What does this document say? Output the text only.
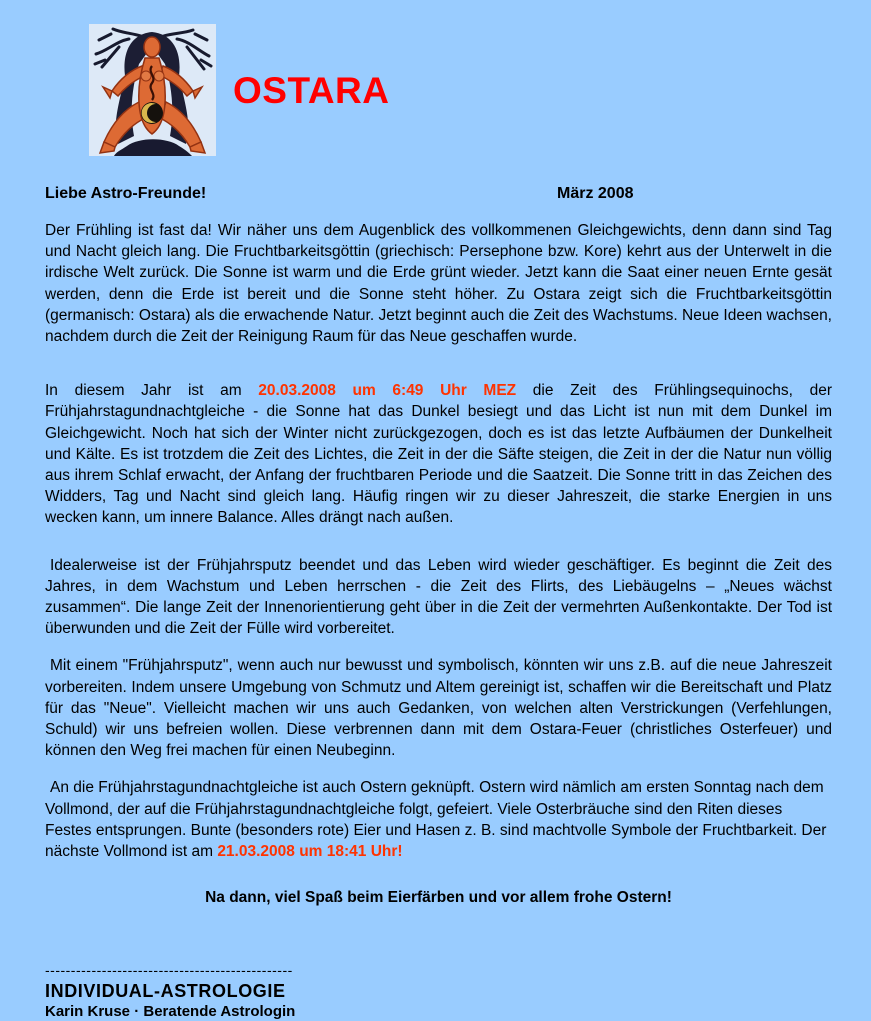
OSTARA
Liebe Astro-Freunde!	März 2008

Der Frühling ist fast da! Wir näher uns dem Augenblick des vollkommenen Gleichgewichts, denn dann sind Tag und Nacht gleich lang. Die Fruchtbarkeitsgöttin (griechisch: Persephone bzw. Kore) kehrt aus der Unterwelt in die irdische Welt zurück. Die Sonne ist warm und die Erde grünt wieder. Jetzt kann die Saat einer neuen Ernte gesät werden, denn die Erde ist bereit und die Sonne steht höher. Zu Ostara zeigt sich die Fruchtbarkeitsgöttin (germanisch: Ostara) als die erwachende Natur. Jetzt beginnt auch die Zeit des Wachstums. Neue Ideen wachsen, nachdem durch die Zeit der Reinigung Raum für das Neue geschaffen wurde.

In diesem Jahr ist am 20.03.2008 um 6:49 Uhr MEZ die Zeit des Frühlingsequinochs, der Frühjahrstagundnachtgleiche - die Sonne hat das Dunkel besiegt und das Licht ist nun mit dem Dunkel im Gleichgewicht. Noch hat sich der Winter nicht zurückgezogen, doch es ist das letzte Aufbäumen der Dunkelheit und Kälte. Es ist trotzdem die Zeit des Lichtes, die Zeit in der die Säfte steigen, die Zeit in der die Natur nun völlig aus ihrem Schlaf erwacht, der Anfang der fruchtbaren Periode und die Saatzeit. Die Sonne tritt in das Zeichen des Widders, Tag und Nacht sind gleich lang. Häufig ringen wir zu dieser Jahreszeit, die starke Energien in uns wecken kann, um innere Balance. Alles drängt nach außen.

Idealerweise ist der Frühjahrsputz beendet und das Leben wird wieder geschäftiger. Es beginnt die Zeit des Jahres, in dem Wachstum und Leben herrschen - die Zeit des Flirts, des Liebäugelns – „Neues wächst zusammen“. Die lange Zeit der Innenorientierung geht über in die Zeit der vermehrten Außenkontakte. Der Tod ist überwunden und die Zeit der Fülle wird vorbereitet.

Mit einem "Frühjahrsputz", wenn auch nur bewusst und symbolisch, könnten wir uns z.B. auf die neue Jahreszeit vorbereiten. Indem unsere Umgebung von Schmutz und Altem gereinigt ist, schaffen wir die Bereitschaft und Platz für das "Neue". Vielleicht machen wir uns auch Gedanken, von welchen alten Verstrickungen (Verfehlungen, Schuld) wir uns befreien wollen. Diese verbrennen dann mit dem Ostara-Feuer (christliches Osterfeuer) und können den Weg frei machen für einen Neubeginn.

An die Frühjahrstagundnachtgleiche ist auch Ostern geknüpft. Ostern wird nämlich am ersten Sonntag nach dem Vollmond, der auf die Frühjahrstagundnachtgleiche folgt, gefeiert. Viele Osterbräuche sind den Riten dieses Festes entsprungen. Bunte (besonders rote) Eier und Hasen z. B. sind machtvolle Symbole der Fruchtbarkeit. Der nächste Vollmond ist am 21.03.2008 um 18:41 Uhr!

Na dann, viel Spaß beim Eierfärben und vor allem frohe Ostern!

------------------------------------------------
INDIVIDUAL-ASTROLOGIE
Karin Kruse · Beratende Astrologin
